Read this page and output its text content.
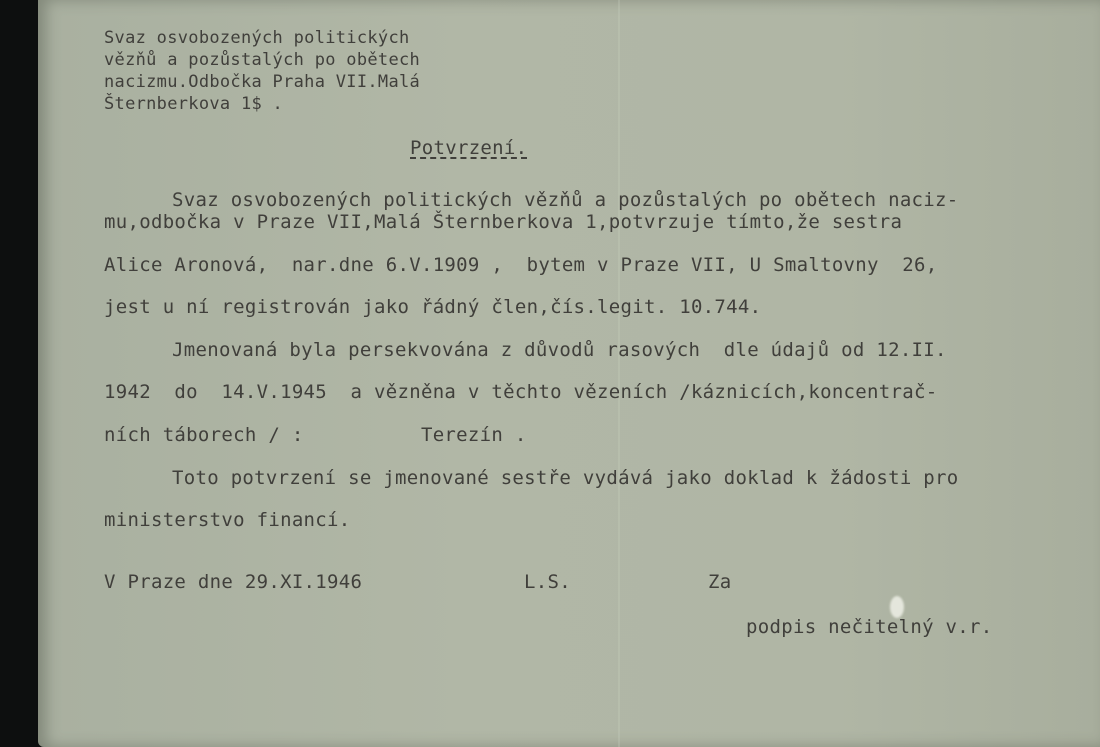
Svaz osvobozených politických
vězňů a pozůstalých po obětech
nacizmu.Odbočka Praha VII.Malá
Šternberkova 1$ .
Potvrzení.
Svaz osvobozených politických vězňů a pozůstalých po obětech naciz-
mu,odbočka v Praze VII,Malá Šternberkova 1,potvrzuje tímto,že sestra
Alice Aronová,  nar.dne 6.V.1909 ,  bytem v Praze VII, U Smaltovny  26,
jest u ní registrován jako řádný člen,čís.legit. 10.744.
Jmenovaná byla persekvována z důvodů rasových  dle údajů od 12.II.
1942  do  14.V.1945  a vězněna v těchto vězeních /káznicích,koncentrač-
ních táborech / :          Terezín .
Toto potvrzení se jmenované sestře vydává jako doklad k žádosti pro
ministerstvo financí.
V Praze dne 29.XI.1946	L.S.	Za
podpis nečitelný v.r.
